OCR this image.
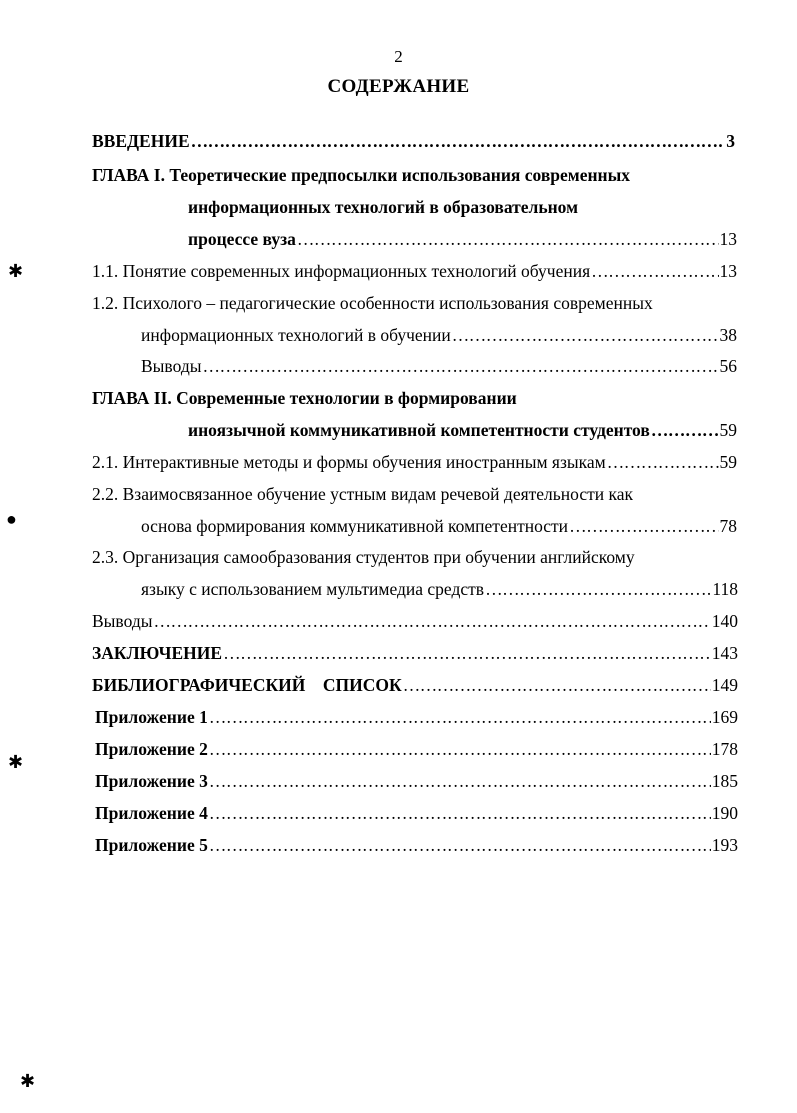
2
СОДЕРЖАНИЕ
ВВЕДЕНИЕ …………………………………………………………………………………………………………………………………………………………	3
ГЛАВА I. Теоретические предпосылки использования современных
информационных технологий в образовательном
процессе вуза …………………………………………………………………………………………………………………………………………………………	13
1.1. Понятие современных информационных технологий обучения …………………………………………………………………………………………………………………………………………………………	13
1.2. Психолого – педагогические особенности использования современных
информационных технологий в обучении …………………………………………………………………………………………………………………………………………………………	38
Выводы …………………………………………………………………………………………………………………………………………………………	56
ГЛАВА II. Современные технологии в формировании
иноязычной коммуникативной компетентности студентов …………………………………………………………………………………………………………………………………………………………	59
2.1. Интерактивные методы и формы обучения иностранным языкам …………………………………………………………………………………………………………………………………………………………	59
2.2. Взаимосвязанное обучение устным видам речевой деятельности как
основа формирования коммуникативной компетентности …………………………………………………………………………………………………………………………………………………………	78
2.3. Организация самообразования студентов при обучении английскому
языку с использованием мультимедиа средств …………………………………………………………………………………………………………………………………………………………	118
Выводы …………………………………………………………………………………………………………………………………………………………	140
ЗАКЛЮЧЕНИЕ …………………………………………………………………………………………………………………………………………………………	143
БИБЛИОГРАФИЧЕСКИЙ    СПИСОК …………………………………………………………………………………………………………………………………………………………	149
Приложение 1 …………………………………………………………………………………………………………………………………………………………	169
Приложение 2 …………………………………………………………………………………………………………………………………………………………	178
Приложение 3 …………………………………………………………………………………………………………………………………………………………	185
Приложение 4 …………………………………………………………………………………………………………………………………………………………	190
Приложение 5 …………………………………………………………………………………………………………………………………………………………	193
✱
●
✱
✱
